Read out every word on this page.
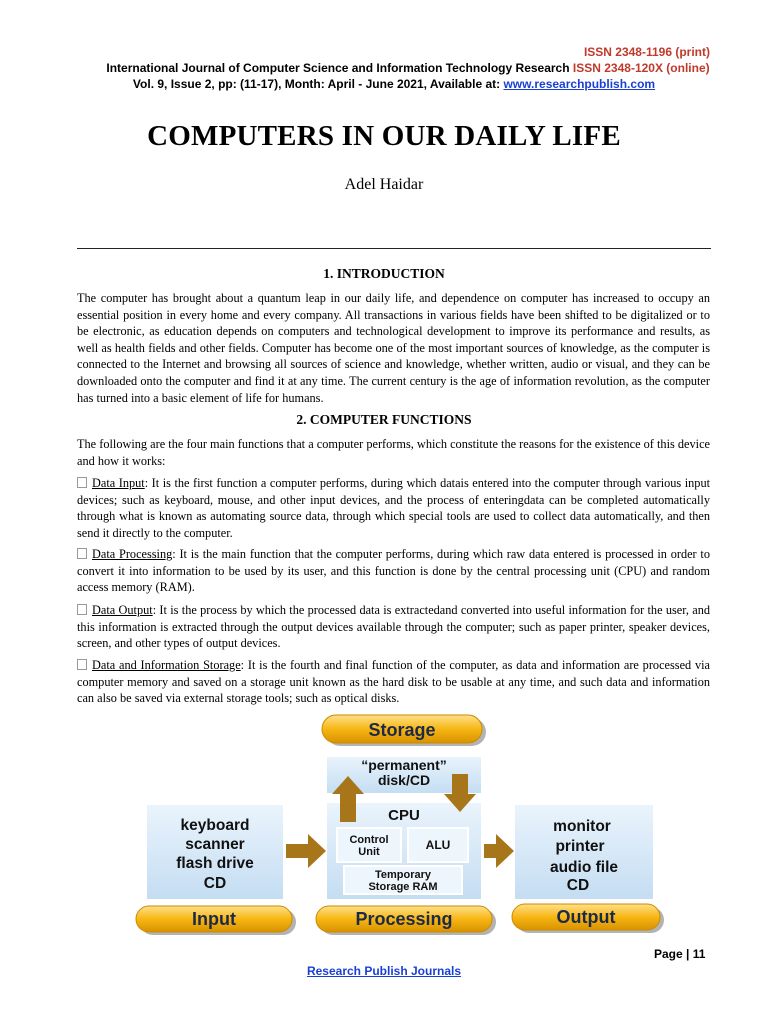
ISSN 2348-1196 (print)
International Journal of Computer Science and Information Technology Research ISSN 2348-120X (online)
Vol. 9, Issue 2, pp: (11-17), Month: April - June 2021, Available at: www.researchpublish.com
COMPUTERS IN OUR DAILY LIFE
Adel Haidar
1. INTRODUCTION
The computer has brought about a quantum leap in our daily life, and dependence on computer has increased to occupy an essential position in every home and every company. All transactions in various fields have been shifted to be digitalized or to be electronic, as education depends on computers and technological development to improve its performance and results, as well as health fields and other fields. Computer has become one of the most important sources of knowledge, as the computer is connected to the Internet and browsing all sources of science and knowledge, whether written, audio or visual, and they can be downloaded onto the computer and find it at any time. The current century is the age of information revolution, as the computer has turned into a basic element of life for humans.
2. COMPUTER FUNCTIONS
The following are the four main functions that a computer performs, which constitute the reasons for the existence of this device and how it works:
Data Input: It is the first function a computer performs, during which datais entered into the computer through various input devices; such as keyboard, mouse, and other input devices, and the process of enteringdata can be completed automatically through what is known as automating source data, through which special tools are used to collect data automatically, and then send it directly to the computer.
Data Processing: It is the main function that the computer performs, during which raw data entered is processed in order to convert it into information to be used by its user, and this function is done by the central processing unit (CPU) and random access memory (RAM).
Data Output: It is the process by which the processed data is extractedand converted into useful information for the user, and this information is extracted through the output devices available through the computer; such as paper printer, speaker devices, screen, and other types of output devices.
Data and Information Storage: It is the fourth and final function of the computer, as data and information are processed via computer memory and saved on a storage unit known as the hard disk to be usable at any time, and such data and information can also be saved via external storage tools; such as optical disks.
Storage
“permanent”
disk/CD
CPU
Control
Unit	ALU
Temporary
Storage RAM
keyboard
scanner
flash drive
CD
monitor
printer
audio file
CD
Input	Processing	Output
Page | 11
Research Publish Journals
